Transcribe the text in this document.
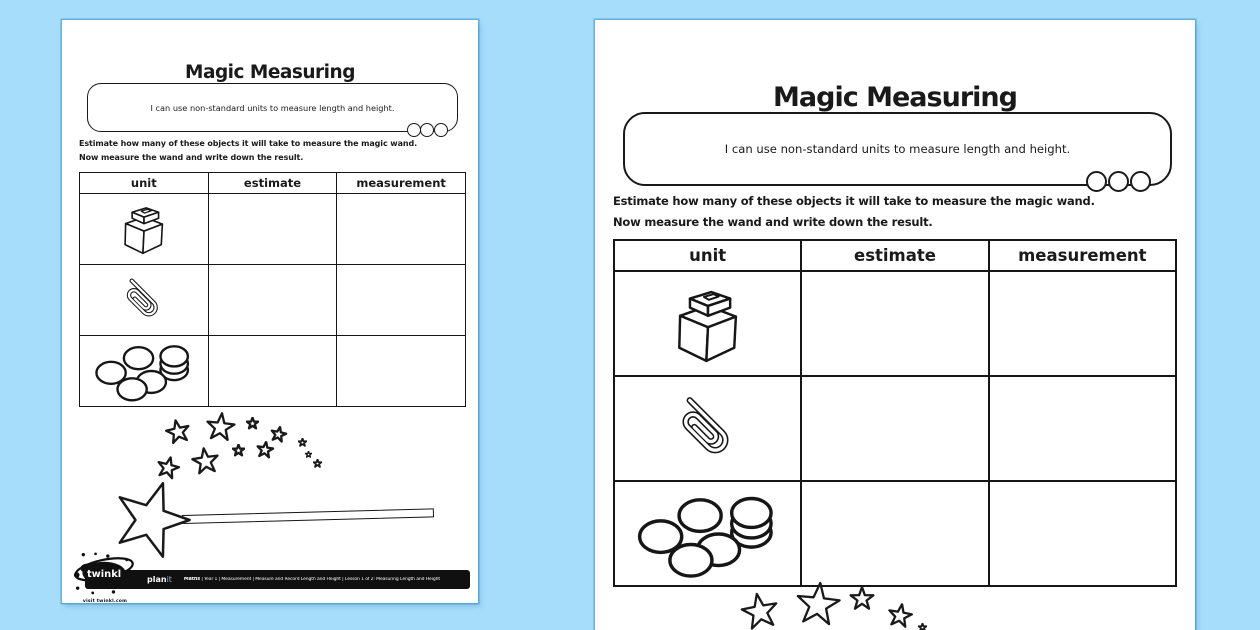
Magic Measuring
I can use non-standard units to measure length and height.
Estimate how many of these objects it will take to measure the magic wand.
Now measure the wand and write down the result.
unit	estimate	measurement

planit	Maths | Year 1 | Measurement | Measure and Record Length and Height | Lesson 1 of 2: Measuring Length and Height
twinkl
visit twinkl.com
Magic Measuring
I can use non-standard units to measure length and height.
Estimate how many of these objects it will take to measure the magic wand.
Now measure the wand and write down the result.
unit	estimate	measurement
